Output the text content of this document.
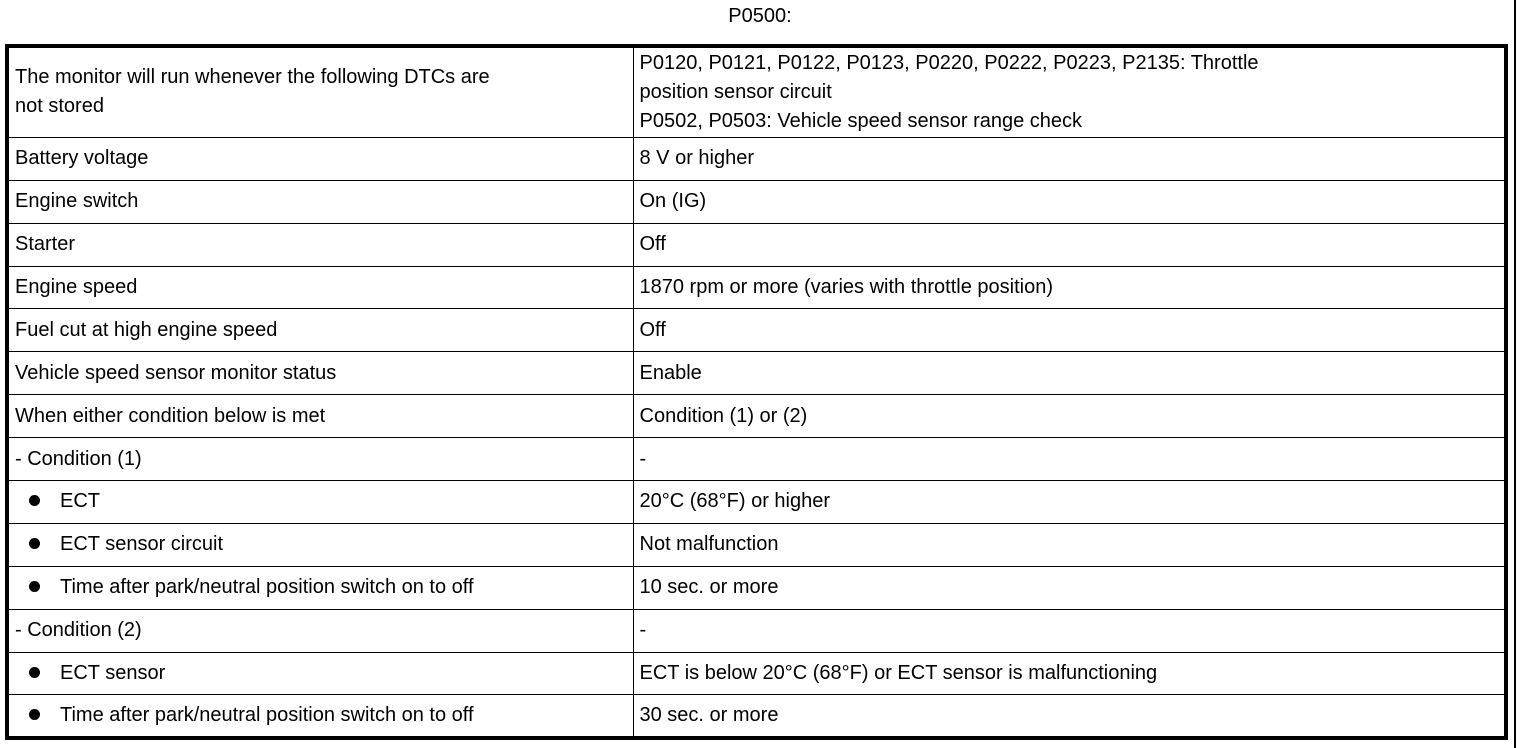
P0500:
The monitor will run whenever the following DTCs are
not stored	P0120, P0121, P0122, P0123, P0220, P0222, P0223, P2135: Throttle
position sensor circuit
P0502, P0503: Vehicle speed sensor range check

Battery voltage	8 V or higher
Engine switch	On (IG)
Starter	Off
Engine speed	1870 rpm or more (varies with throttle position)
Fuel cut at high engine speed	Off
Vehicle speed sensor monitor status	Enable
When either condition below is met	Condition (1) or (2)
- Condition (1)	-
ECT	20°C (68°F) or higher
ECT sensor circuit	Not malfunction
Time after park/neutral position switch on to off	10 sec. or more
- Condition (2)	-
ECT sensor	ECT is below 20°C (68°F) or ECT sensor is malfunctioning
Time after park/neutral position switch on to off	30 sec. or more
